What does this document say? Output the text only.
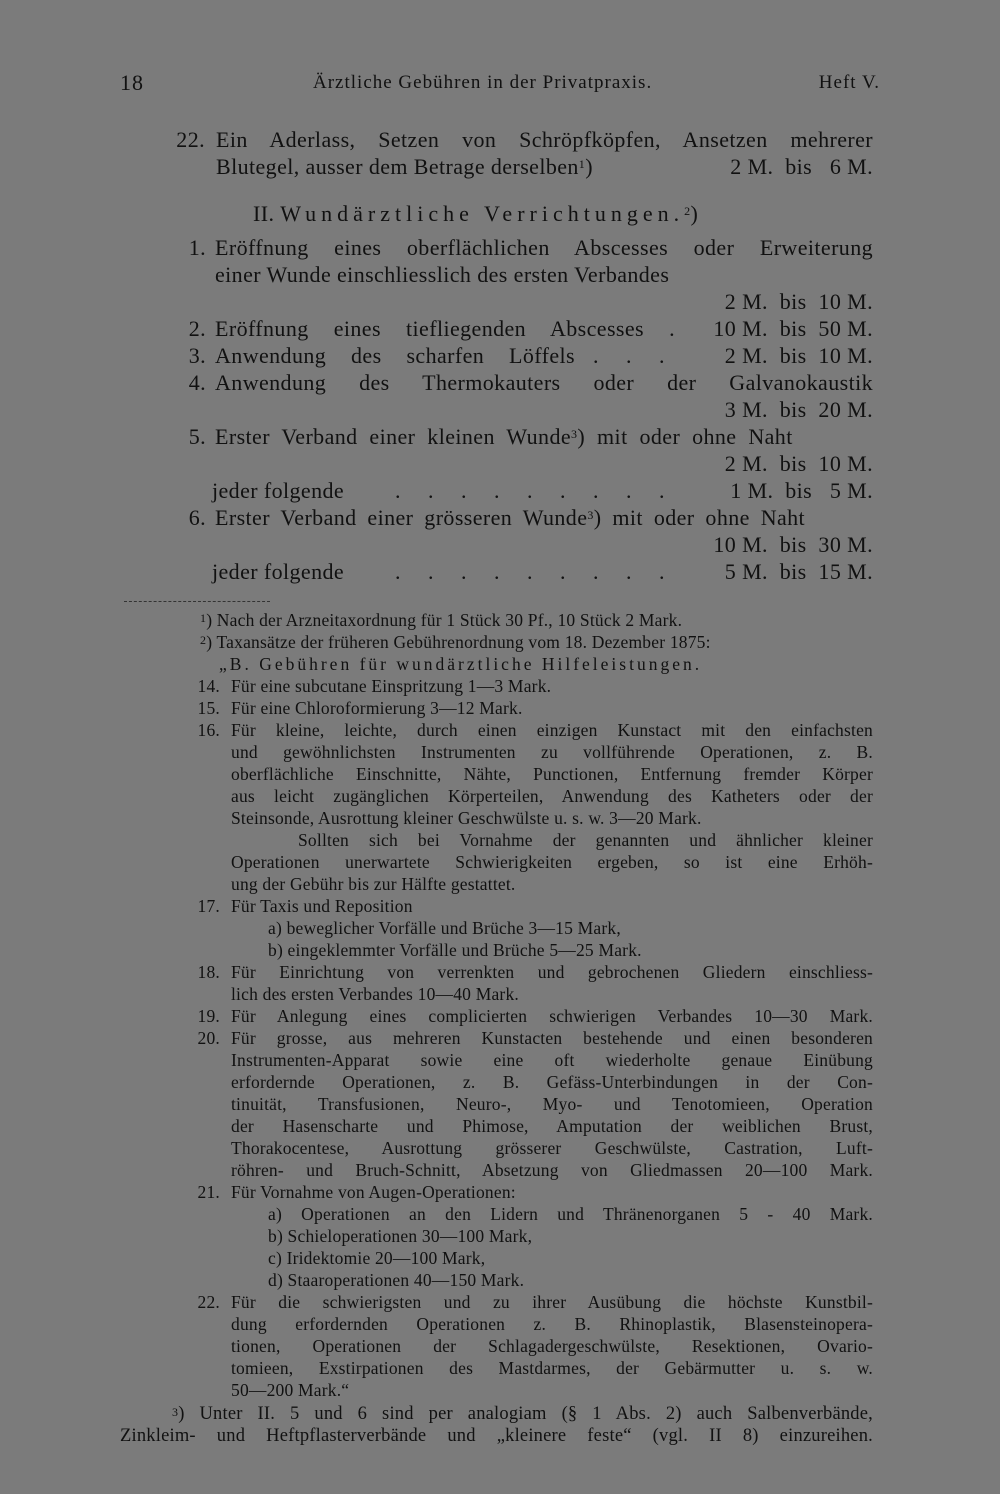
18	Ärztliche Gebühren in der Privatpraxis.	Heft V.
22. Ein Aderlass, Setzen von Schröpfköpfen, Ansetzen mehrerer
Blutegel, ausser dem Betrage derselben$^1$)	2 M.  bis   6 M.
II. Wundärztliche Verrichtungen.$^2$)
1. Eröffnung eines oberflächlichen Abscesses oder Erweiterung
einer Wunde einschliesslich des ersten Verbandes
2 M.  bis  10 M.
2. Eröffnung eines tiefliegenden Abscesses . 10 M.  bis  50 M.
3. Anwendung des scharfen Löffels . . .	2 M.  bis  10 M.
4. Anwendung des Thermokauters oder der Galvanokaustik
3 M.  bis  20 M.
5. Erster Verband einer kleinen Wunde$^3$) mit oder ohne Naht
2 M.  bis  10 M.
jeder folgende	. . . . . . . . .	1 M.  bis   5 M.
6. Erster Verband einer grösseren Wunde$^3$) mit oder ohne Naht
10 M.  bis  30 M.
jeder folgende	. . . . . . . . .	5 M.  bis  15 M.
$^1$) Nach der Arzneitaxordnung für 1 Stück 30 Pf., 10 Stück 2 Mark.
$^2$) Taxansätze der früheren Gebührenordnung vom 18. Dezember 1875:
„B. Gebühren für wundärztliche Hilfeleistungen.
14. Für eine subcutane Einspritzung 1—3 Mark.
15. Für eine Chloroformierung 3—12 Mark.
16. Für kleine, leichte, durch einen einzigen Kunstact mit den einfachsten
und gewöhnlichsten Instrumenten zu vollführende Operationen, z. B.
oberflächliche Einschnitte, Nähte, Punctionen, Entfernung fremder Körper
aus leicht zugänglichen Körperteilen, Anwendung des Katheters oder der
Steinsonde, Ausrottung kleiner Geschwülste u. s. w. 3—20 Mark.
Sollten sich bei Vornahme der genannten und ähnlicher kleiner
Operationen unerwartete Schwierigkeiten ergeben, so ist eine Erhöh-
ung der Gebühr bis zur Hälfte gestattet.
17. Für Taxis und Reposition
a) beweglicher Vorfälle und Brüche 3—15 Mark,
b) eingeklemmter Vorfälle und Brüche 5—25 Mark.
18. Für Einrichtung von verrenkten und gebrochenen Gliedern einschliess-
lich des ersten Verbandes 10—40 Mark.
19. Für Anlegung eines complicierten schwierigen Verbandes 10—30 Mark.
20. Für grosse, aus mehreren Kunstacten bestehende und einen besonderen
Instrumenten-Apparat sowie eine oft wiederholte genaue Einübung
erfordernde Operationen, z. B. Gefäss-Unterbindungen in der Con-
tinuität, Transfusionen, Neuro-, Myo- und Tenotomieen, Operation
der Hasenscharte und Phimose, Amputation der weiblichen Brust,
Thorakocentese, Ausrottung grösserer Geschwülste, Castration, Luft-
röhren- und Bruch-Schnitt, Absetzung von Gliedmassen 20—100 Mark.
21. Für Vornahme von Augen-Operationen:
a) Operationen an den Lidern und Thränenorganen 5 - 40 Mark.
b) Schieloperationen 30—100 Mark,
c) Iridektomie 20—100 Mark,
d) Staaroperationen 40—150 Mark.
22. Für die schwierigsten und zu ihrer Ausübung die höchste Kunstbil-
dung erfordernden Operationen z. B. Rhinoplastik, Blasensteinopera-
tionen, Operationen der Schlagadergeschwülste, Resektionen, Ovario-
tomieen, Exstirpationen des Mastdarmes, der Gebärmutter u. s. w.
50—200 Mark.“
$^3$) Unter II. 5 und 6 sind per analogiam (§ 1 Abs. 2) auch Salbenverbände,
Zinkleim- und Heftpflasterverbände und „kleinere feste“ (vgl. II 8) einzureihen.
